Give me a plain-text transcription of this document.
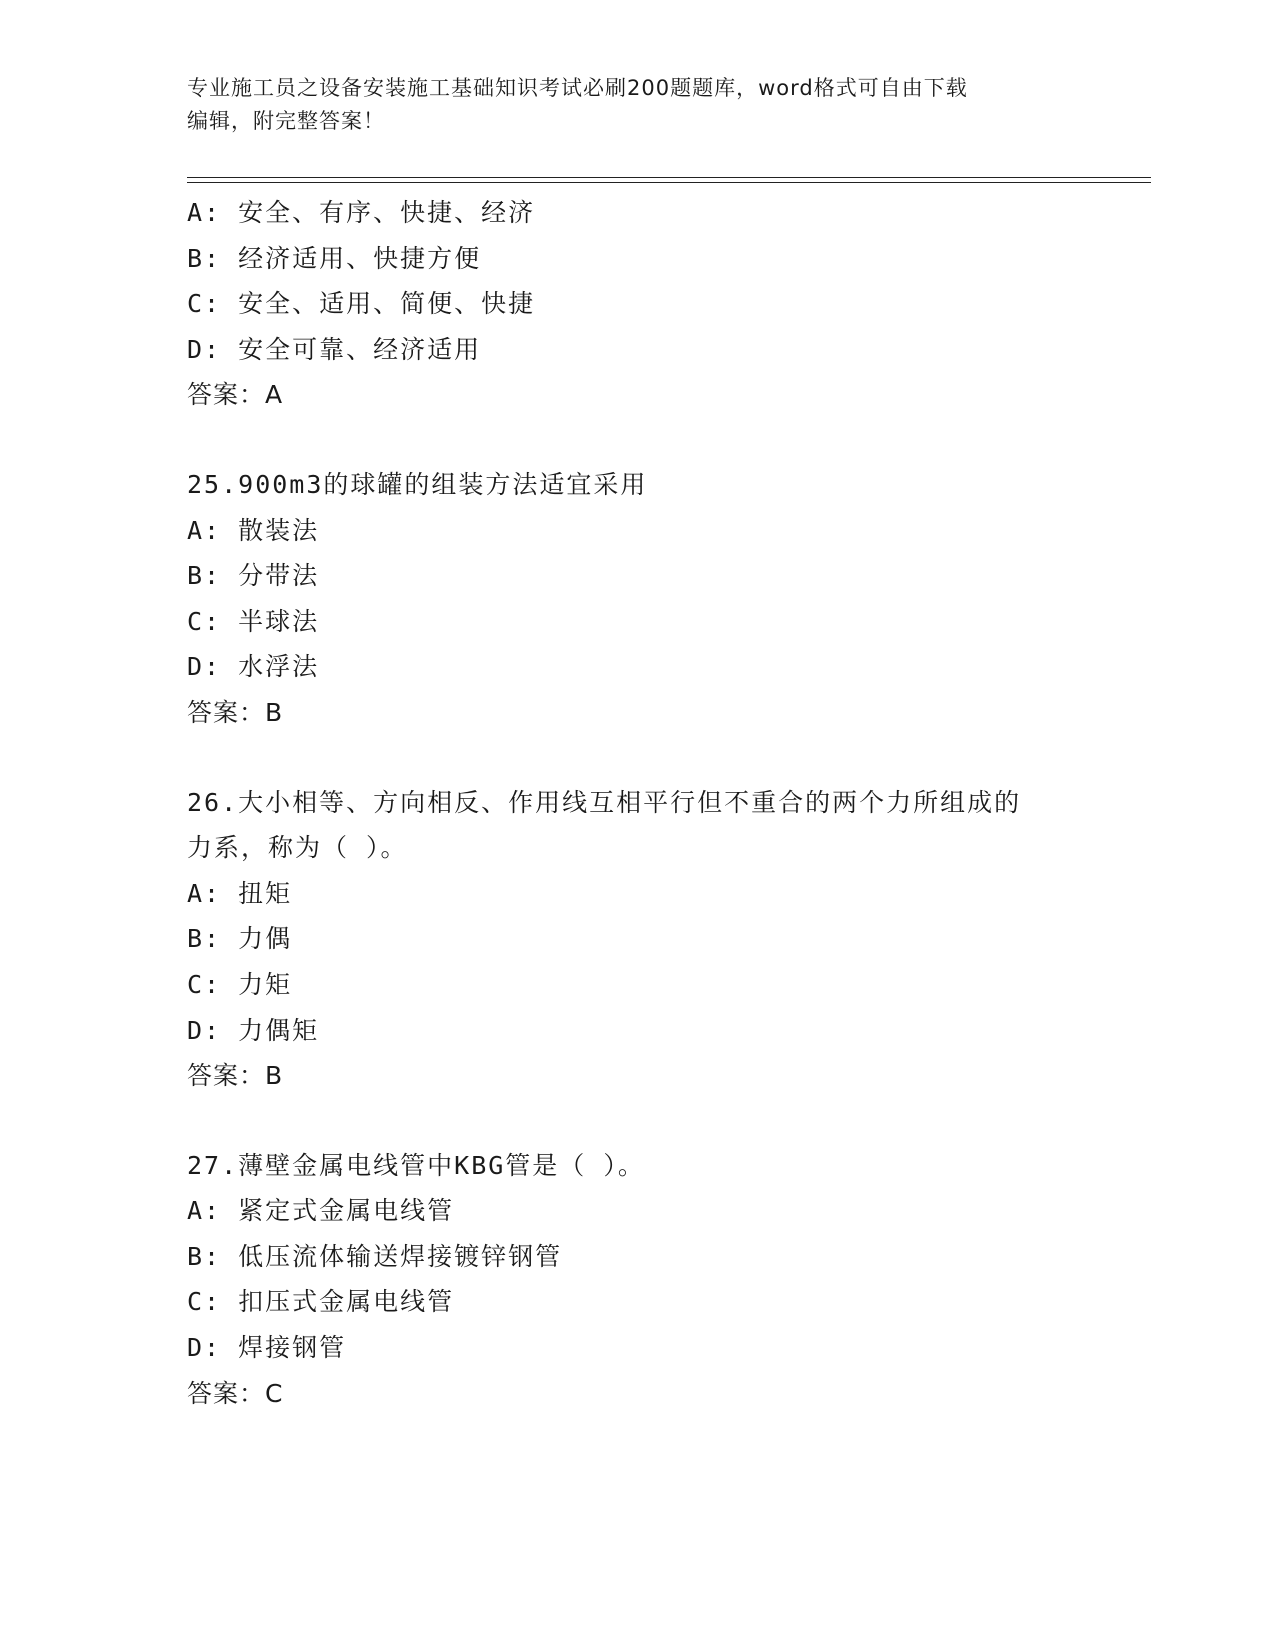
专业施工员之设备安装施工基础知识考试必刷200题题库，word格式可自由下载
编辑，附完整答案！
A: 安全、有序、快捷、经济
B: 经济适用、快捷方便
C: 安全、适用、简便、快捷
D: 安全可靠、经济适用
答案：A
25.900m3的球罐的组装方法适宜采用
A: 散装法
B: 分带法
C: 半球法
D: 水浮法
答案：B
26.大小相等、方向相反、作用线互相平行但不重合的两个力所组成的
力系，称为（ ）。
A: 扭矩
B: 力偶
C: 力矩
D: 力偶矩
答案：B
27.薄壁金属电线管中KBG管是（ ）。
A: 紧定式金属电线管
B: 低压流体输送焊接镀锌钢管
C: 扣压式金属电线管
D: 焊接钢管
答案：C
